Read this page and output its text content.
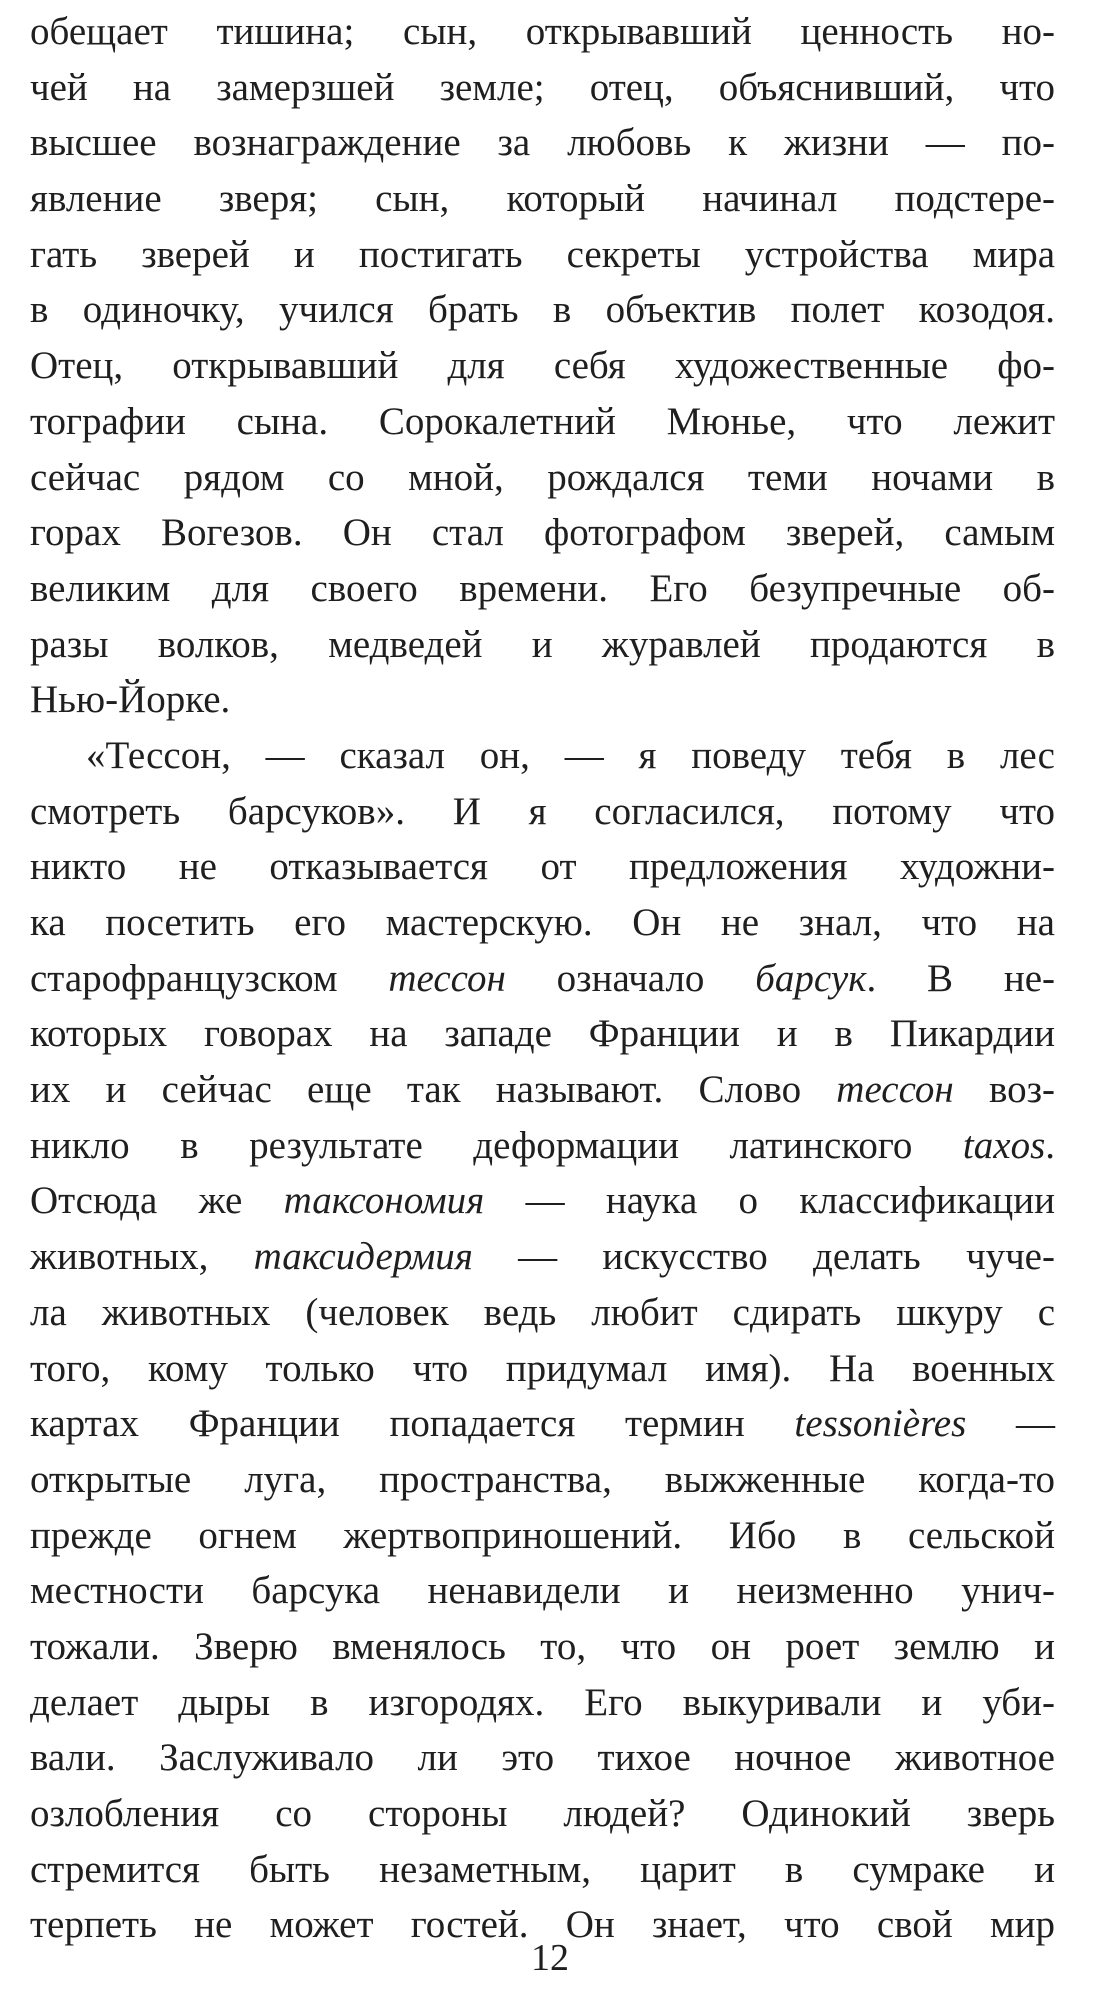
обещает тишина; сын, открывавший ценность но-
чей на замерзшей земле; отец, объяснивший, что
высшее вознаграждение за любовь к жизни — по-
явление зверя; сын, который начинал подстере-
гать зверей и постигать секреты устройства мира
в одиночку, учился брать в объектив полет козодоя.
Отец, открывавший для себя художественные фо-
тографии сына. Сорокалетний Мюнье, что лежит
сейчас рядом со мной, рождался теми ночами в
горах Вогезов. Он стал фотографом зверей, самым
великим для своего времени. Его безупречные об-
разы волков, медведей и журавлей продаются в
Нью-Йорке.
«Тессон, — сказал он, — я поведу тебя в лес
смотреть барсуков». И я согласился, потому что
никто не отказывается от предложения художни-
ка посетить его мастерскую. Он не знал, что на
старофранцузском тессон означало барсук. В не-
которых говорах на западе Франции и в Пикардии
их и сейчас еще так называют. Слово тессон воз-
никло в результате деформации латинского taxos.
Отсюда же таксономия — наука о классификации
животных, таксидермия — искусство делать чуче-
ла животных (человек ведь любит сдирать шкуру с
того, кому только что придумал имя). На военных
картах Франции попадается термин tessonières —
открытые луга, пространства, выжженные когда-то
прежде огнем жертвоприношений. Ибо в сельской
местности барсука ненавидели и неизменно унич-
тожали. Зверю вменялось то, что он роет землю и
делает дыры в изгородях. Его выкуривали и уби-
вали. Заслуживало ли это тихое ночное животное
озлобления со стороны людей? Одинокий зверь
стремится быть незаметным, царит в сумраке и
терпеть не может гостей. Он знает, что свой мир
12
